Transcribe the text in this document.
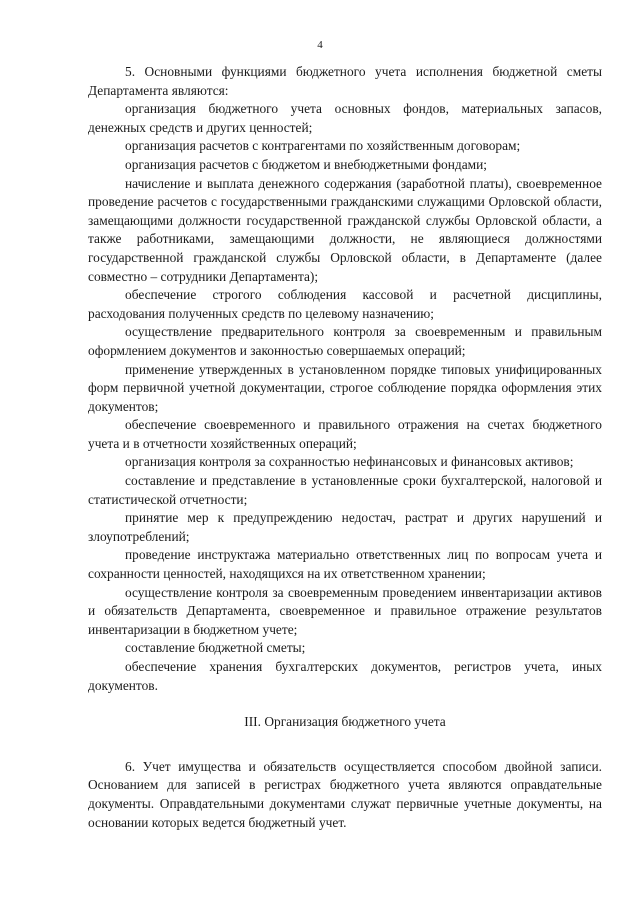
4

5. Основными функциями бюджетного учета исполнения бюджетной сметы Департамента являются:

организация бюджетного учета основных фондов, материальных запасов, денежных средств и других ценностей;

организация расчетов с контрагентами по хозяйственным договорам;

организация расчетов с бюджетом и внебюджетными фондами;

начисление и выплата денежного содержания (заработной платы), своевременное проведение расчетов с государственными гражданскими служащими Орловской области, замещающими должности государственной гражданской службы Орловской области, а также работниками, замещающими должности, не являющиеся должностями государственной гражданской службы Орловской области, в Департаменте (далее совместно – сотрудники Департамента);

обеспечение строгого соблюдения кассовой и расчетной дисциплины, расходования полученных средств по целевому назначению;

осуществление предварительного контроля за своевременным и правильным оформлением документов и законностью совершаемых операций;

применение утвержденных в установленном порядке типовых унифицированных форм первичной учетной документации, строгое соблюдение порядка оформления этих документов;

обеспечение своевременного и правильного отражения на счетах бюджетного учета и в отчетности хозяйственных операций;

организация контроля за сохранностью нефинансовых и финансовых активов;

составление и представление в установленные сроки бухгалтерской, налоговой и статистической отчетности;

принятие мер к предупреждению недостач, растрат и других нарушений и злоупотреблений;

проведение инструктажа материально ответственных лиц по вопросам учета и сохранности ценностей, находящихся на их ответственном хранении;

осуществление контроля за своевременным проведением инвентаризации активов и обязательств Департамента, своевременное и правильное отражение результатов инвентаризации в бюджетном учете;

составление бюджетной сметы;

обеспечение хранения бухгалтерских документов, регистров учета, иных документов.

III. Организация бюджетного учета

6. Учет имущества и обязательств осуществляется способом двойной записи. Основанием для записей в регистрах бюджетного учета являются оправдательные документы. Оправдательными документами служат первичные учетные документы, на основании которых ведется бюджетный учет.
